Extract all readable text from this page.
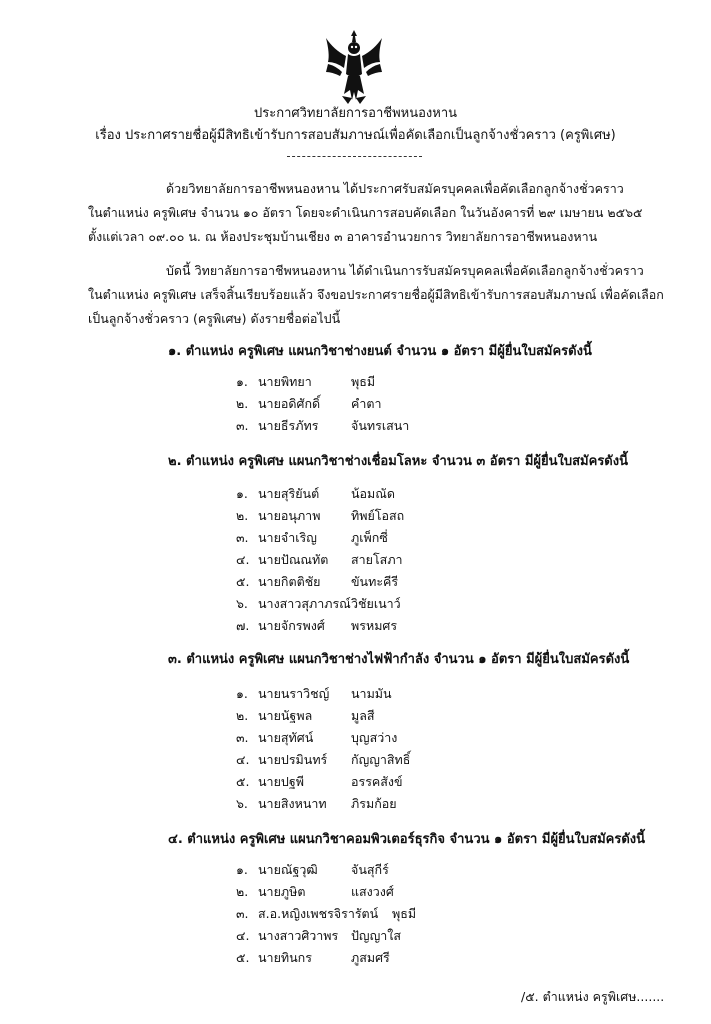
ประกาศวิทยาลัยการอาชีพหนองหาน
เรื่อง ประกาศรายชื่อผู้มีสิทธิเข้ารับการสอบสัมภาษณ์เพื่อคัดเลือกเป็นลูกจ้างชั่วคราว (ครูพิเศษ)
ด้วยวิทยาลัยการอาชีพหนองหาน ได้ประกาศรับสมัครบุคคลเพื่อคัดเลือกลูกจ้างชั่วคราว
ในตำแหน่ง ครูพิเศษ จำนวน ๑๐ อัตรา โดยจะดำเนินการสอบคัดเลือก ในวันอังคารที่ ๒๙ เมษายน ๒๕๖๕
ตั้งแต่เวลา ๐๙.๐๐ น. ณ ห้องประชุมบ้านเชียง ๓ อาคารอำนวยการ วิทยาลัยการอาชีพหนองหาน
บัดนี้ วิทยาลัยการอาชีพหนองหาน ได้ดำเนินการรับสมัครบุคคลเพื่อคัดเลือกลูกจ้างชั่วคราว
ในตำแหน่ง ครูพิเศษ เสร็จสิ้นเรียบร้อยแล้ว จึงขอประกาศรายชื่อผู้มีสิทธิเข้ารับการสอบสัมภาษณ์ เพื่อคัดเลือก
เป็นลูกจ้างชั่วคราว (ครูพิเศษ) ดังรายชื่อต่อไปนี้
๑. ตำแหน่ง ครูพิเศษ แผนกวิชาช่างยนต์ จำนวน ๑ อัตรา มีผู้ยื่นใบสมัครดังนี้
๑. นายพิทยา	พุธมี
๒. นายอดิศักดิ์ คำตา
๓. นายธีรภัทร	จันทรเสนา
๒. ตำแหน่ง ครูพิเศษ แผนกวิชาช่างเชื่อมโลหะ จำนวน ๓ อัตรา มีผู้ยื่นใบสมัครดังนี้
๑. นายสุริยันต์	น้อมณัด
๒. นายอนุภาพ ทิพย์โอสถ
๓. นายจำเริญ	ภูเพ็กซี่
๔. นายปัณณทัต สายโสภา
๕. นายกิตติชัย ขันทะคีรี
๖. นางสาวสุภาภรณ์ วิชัยเนาว์
๗. นายจักรพงศ์ พรหมศร
๓. ตำแหน่ง ครูพิเศษ แผนกวิชาช่างไฟฟ้ากำลัง จำนวน ๑ อัตรา มีผู้ยื่นใบสมัครดังนี้
๑. นายนราวิชญ์ นามมัน
๒. นายนัฐพล	มูลสี
๓. นายสุทัศน์	บุญสว่าง
๔. นายปรมินทร์ กัญญาสิทธิ์
๕. นายปฐพี	อรรคสังข์
๖. นายสิงหนาท ภิรมก้อย
๔. ตำแหน่ง ครูพิเศษ แผนกวิชาคอมพิวเตอร์ธุรกิจ จำนวน ๑ อัตรา มีผู้ยื่นใบสมัครดังนี้
๑. นายณัฐวุฒิ	จันสุกีร์
๒. นายภูษิต	แสงวงศ์
๓. ส.อ.หญิงเพชรจิรารัตน์ พุธมี
๔. นางสาวศิวาพร ปัญญาใส
๕. นายทินกร	ภูสมศรี
/๕. ตำแหน่ง ครูพิเศษ.......
